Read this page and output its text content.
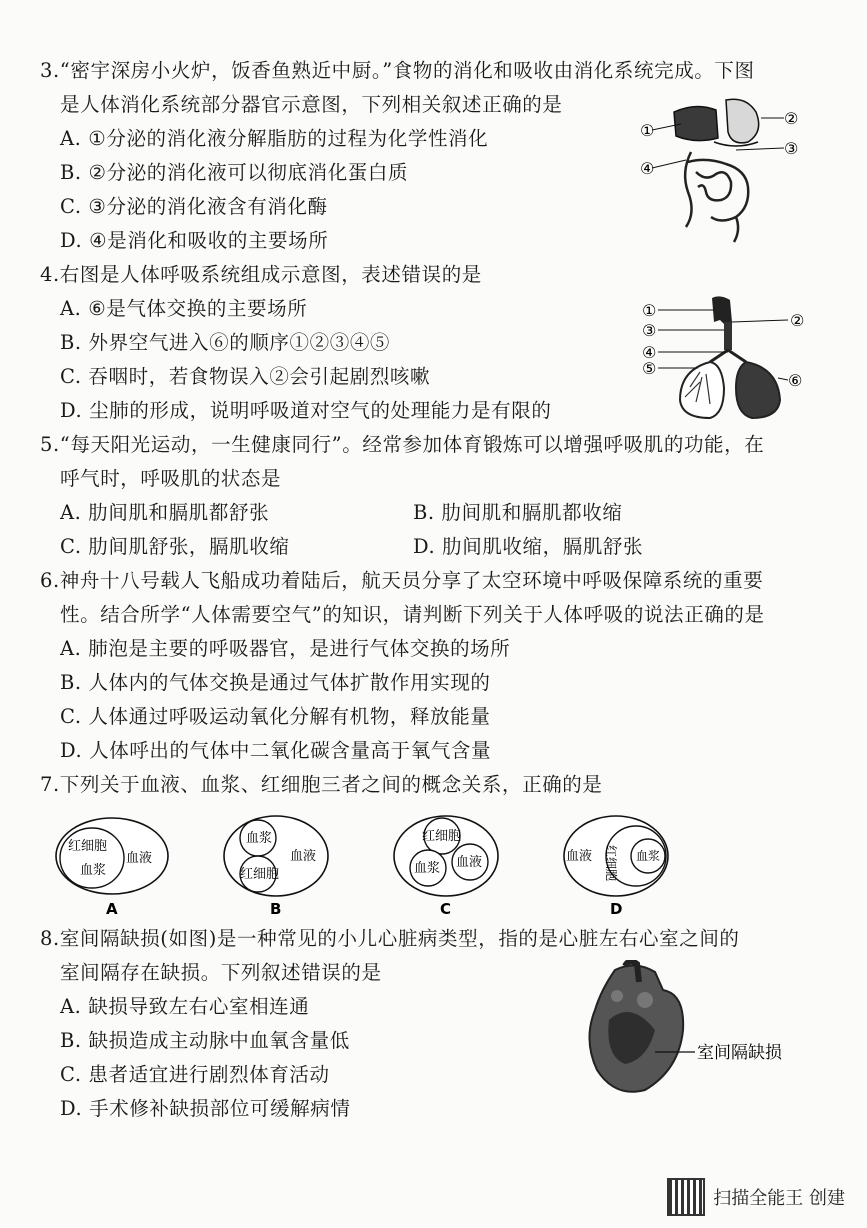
3.“密宇深房小火炉，饭香鱼熟近中厨。”食物的消化和吸收由消化系统完成。下图
是人体消化系统部分器官示意图，下列相关叙述正确的是
A. ①分泌的消化液分解脂肪的过程为化学性消化
B. ②分泌的消化液可以彻底消化蛋白质
C. ③分泌的消化液含有消化酶
D. ④是消化和吸收的主要场所
①
②
③
④
4.右图是人体呼吸系统组成示意图，表述错误的是
A. ⑥是气体交换的主要场所
B. 外界空气进入⑥的顺序①②③④⑤
C. 吞咽时，若食物误入②会引起剧烈咳嗽
D. 尘肺的形成，说明呼吸道对空气的处理能力是有限的
①
②
③
④
⑤
⑥
5.“每天阳光运动，一生健康同行”。经常参加体育锻炼可以增强呼吸肌的功能，在
呼气时，呼吸肌的状态是
A. 肋间肌和膈肌都舒张	B. 肋间肌和膈肌都收缩
C. 肋间肌舒张，膈肌收缩	D. 肋间肌收缩，膈肌舒张
6.神舟十八号载人飞船成功着陆后，航天员分享了太空环境中呼吸保障系统的重要
性。结合所学“人体需要空气”的知识，请判断下列关于人体呼吸的说法正确的是
A. 肺泡是主要的呼吸器官，是进行气体交换的场所
B. 人体内的气体交换是通过气体扩散作用实现的
C. 人体通过呼吸运动氧化分解有机物，释放能量
D. 人体呼出的气体中二氧化碳含量高于氧气含量
7.下列关于血液、血浆、红细胞三者之间的概念关系，正确的是
红细胞
血浆
血液
A
血浆
红细胞
血液
B
红细胞
血浆 血液
C
血液 红细胞 血浆
D
8.室间隔缺损(如图)是一种常见的小儿心脏病类型，指的是心脏左右心室之间的
室间隔存在缺损。下列叙述错误的是
A. 缺损导致左右心室相连通
B. 缺损造成主动脉中血氧含量低
C. 患者适宜进行剧烈体育活动
D. 手术修补缺损部位可缓解病情
室间隔缺损
扫描全能王 创建
